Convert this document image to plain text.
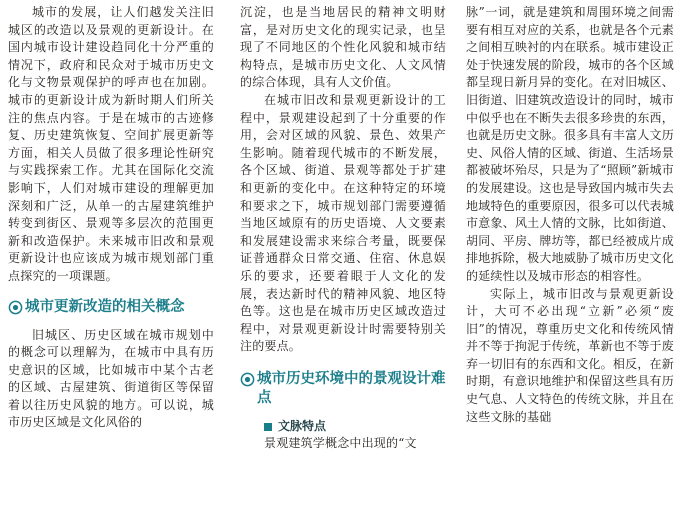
城市的发展，让人们越发关注旧城区的改造以及景观的更新设计。在国内城市设计建设趋同化十分严重的情况下，政府和民众对于城市历史文化与文物景观保护的呼声也在加剧。城市的更新设计成为新时期人们所关注的焦点内容。于是在城市的古迹修复、历史建筑恢复、空间扩展更新等方面，相关人员做了很多理论性研究与实践探索工作。尤其在国际化交流影响下，人们对城市建设的理解更加深刻和广泛，从单一的古屋建筑维护转变到街区、景观等多层次的范围更新和改造保护。未来城市旧改和景观更新设计也应该成为城市规划部门重点探究的一项课题。

城市更新改造的相关概念

旧城区、历史区域在城市规划中的概念可以理解为，在城市中具有历史意识的区域，比如城市中某个古老的区域、古屋建筑、街道街区等保留着以往历史风貌的地方。可以说，城市历史区域是文化风俗的

沉淀，也是当地居民的精神文明财富，是对历史文化的现实记录，也呈现了不同地区的个性化风貌和城市结构特点，是城市历史文化、人文风情的综合体现，具有人文价值。

在城市旧改和景观更新设计的工程中，景观建设起到了十分重要的作用，会对区域的风貌、景色、效果产生影响。随着现代城市的不断发展，各个区域、街道、景观等都处于扩建和更新的变化中。在这种特定的环境和要求之下，城市规划部门需要遵循当地区域原有的历史语境、人文要素和发展建设需求来综合考量，既要保证普通群众日常交通、住宿、休息娱乐的要求，还要着眼于人文化的发展，表达新时代的精神风貌、地区特色等。这也是在城市历史区域改造过程中，对景观更新设计时需要特别关注的要点。

城市历史环境中的景观设计难点
文脉特点

景观建筑学概念中出现的“文

脉”一词，就是建筑和周围环境之间需要有相互对应的关系，也就是各个元素之间相互映衬的内在联系。城市建设正处于快速发展的阶段，城市的各个区域都呈现日新月异的变化。在对旧城区、旧街道、旧建筑改造设计的同时，城市中似乎也在不断失去很多珍贵的东西，也就是历史文脉。很多具有丰富人文历史、风俗人情的区域、街道、生活场景都被破坏殆尽，只是为了“照顾”新城市的发展建设。这也是导致国内城市失去地域特色的重要原因，很多可以代表城市意象、风土人情的文脉，比如街道、胡同、平房、牌坊等，都已经被成片成排地拆除，极大地威胁了城市历史文化的延续性以及城市形态的相容性。

实际上，城市旧改与景观更新设计，大可不必出现“立新”必须“废旧”的情况，尊重历史文化和传统风情并不等于拘泥于传统，革新也不等于废弃一切旧有的东西和文化。相反，在新时期，有意识地维护和保留这些具有历史气息、人文特色的传统文脉，并且在这些文脉的基础
